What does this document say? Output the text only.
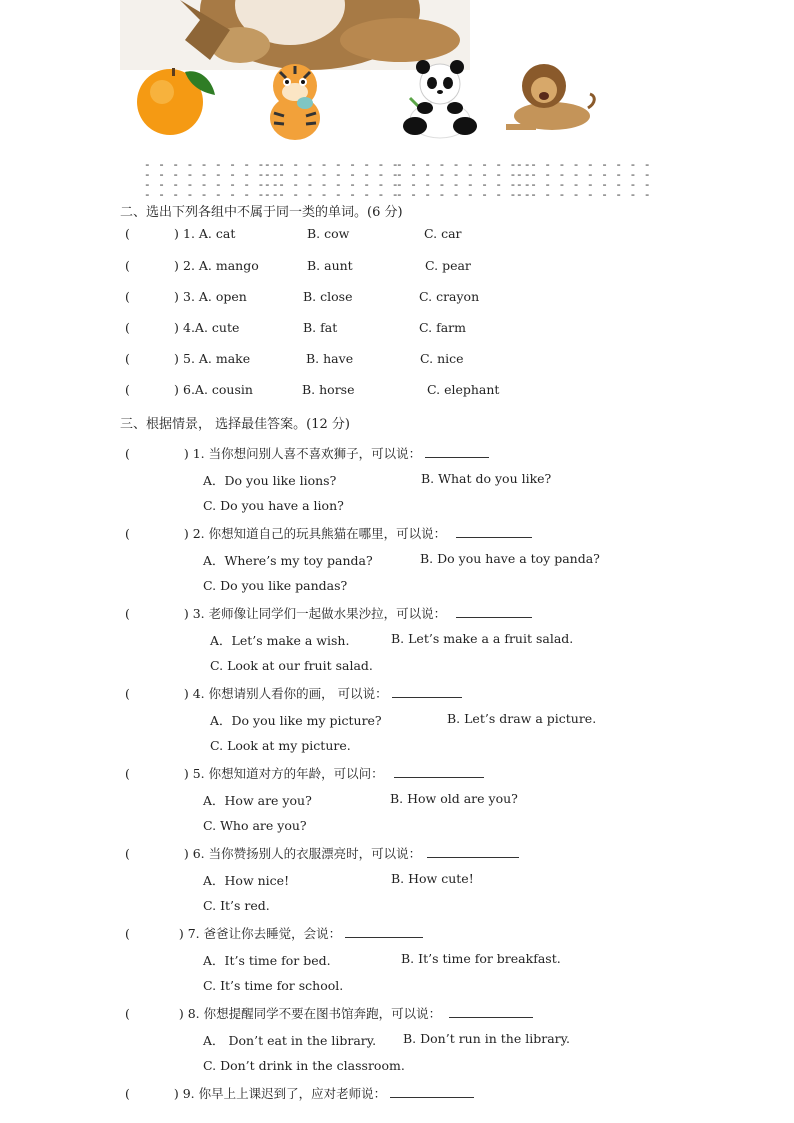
- - - - - - - - - -
- - - - - - - - - -
- - - - - - - - - -
- - - - - - - - - -

- - - - - - - - - -
- - - - - - - - - -
- - - - - - - - - -
- - - - - - - - - -

- - - - - - - - - -
- - - - - - - - - -
- - - - - - - - - -
- - - - - - - - - -

- - - - - - - - - -
- - - - - - - - - -
- - - - - - - - - -
- - - - - - - - - -

二、选出下列各组中不属于同一类的单词。(6 分)
(	) 1. A. cat	B. cow	C. car
(	) 2. A. mango	B. aunt	C. pear
(	) 3. A. open	B. close	C. crayon
(	) 4.A. cute	B. fat	C. farm
(	) 5. A. make	B. have	C. nice
(	) 6.A. cousin	B. horse	C. elephant
三、根据情景， 选择最佳答案。(12 分)
(	) 1. 当你想问别人喜不喜欢狮子，可以说：
A．Do you like lions?	B. What do you like?
C. Do you have a lion?
(	) 2. 你想知道自己的玩具熊猫在哪里，可以说：
A．Where’s my toy panda?	B. Do you have a toy panda?
C. Do you like pandas?
(	) 3. 老师像让同学们一起做水果沙拉，可以说：
A．Let’s make a wish.	B. Let’s make a a fruit salad.
C. Look at our fruit salad.
(	) 4. 你想请别人看你的画， 可以说：
A．Do you like my picture?	B. Let’s draw a picture.
C. Look at my picture.
(	) 5. 你想知道对方的年龄，可以问：
A．How are you?	B. How old are you?
C. Who are you?
(	) 6. 当你赞扬别人的衣服漂亮时，可以说：
A．How nice!	B. How cute!
C. It’s red.
(	) 7. 爸爸让你去睡觉，会说：
A．It’s time for bed.	B. It’s time for breakfast.
C. It’s time for school.
(	) 8. 你想提醒同学不要在图书馆奔跑，可以说：
A． Don’t eat in the library. B. Don’t run in the library.
C. Don’t drink in the classroom.
(	) 9. 你早上上课迟到了，应对老师说：
